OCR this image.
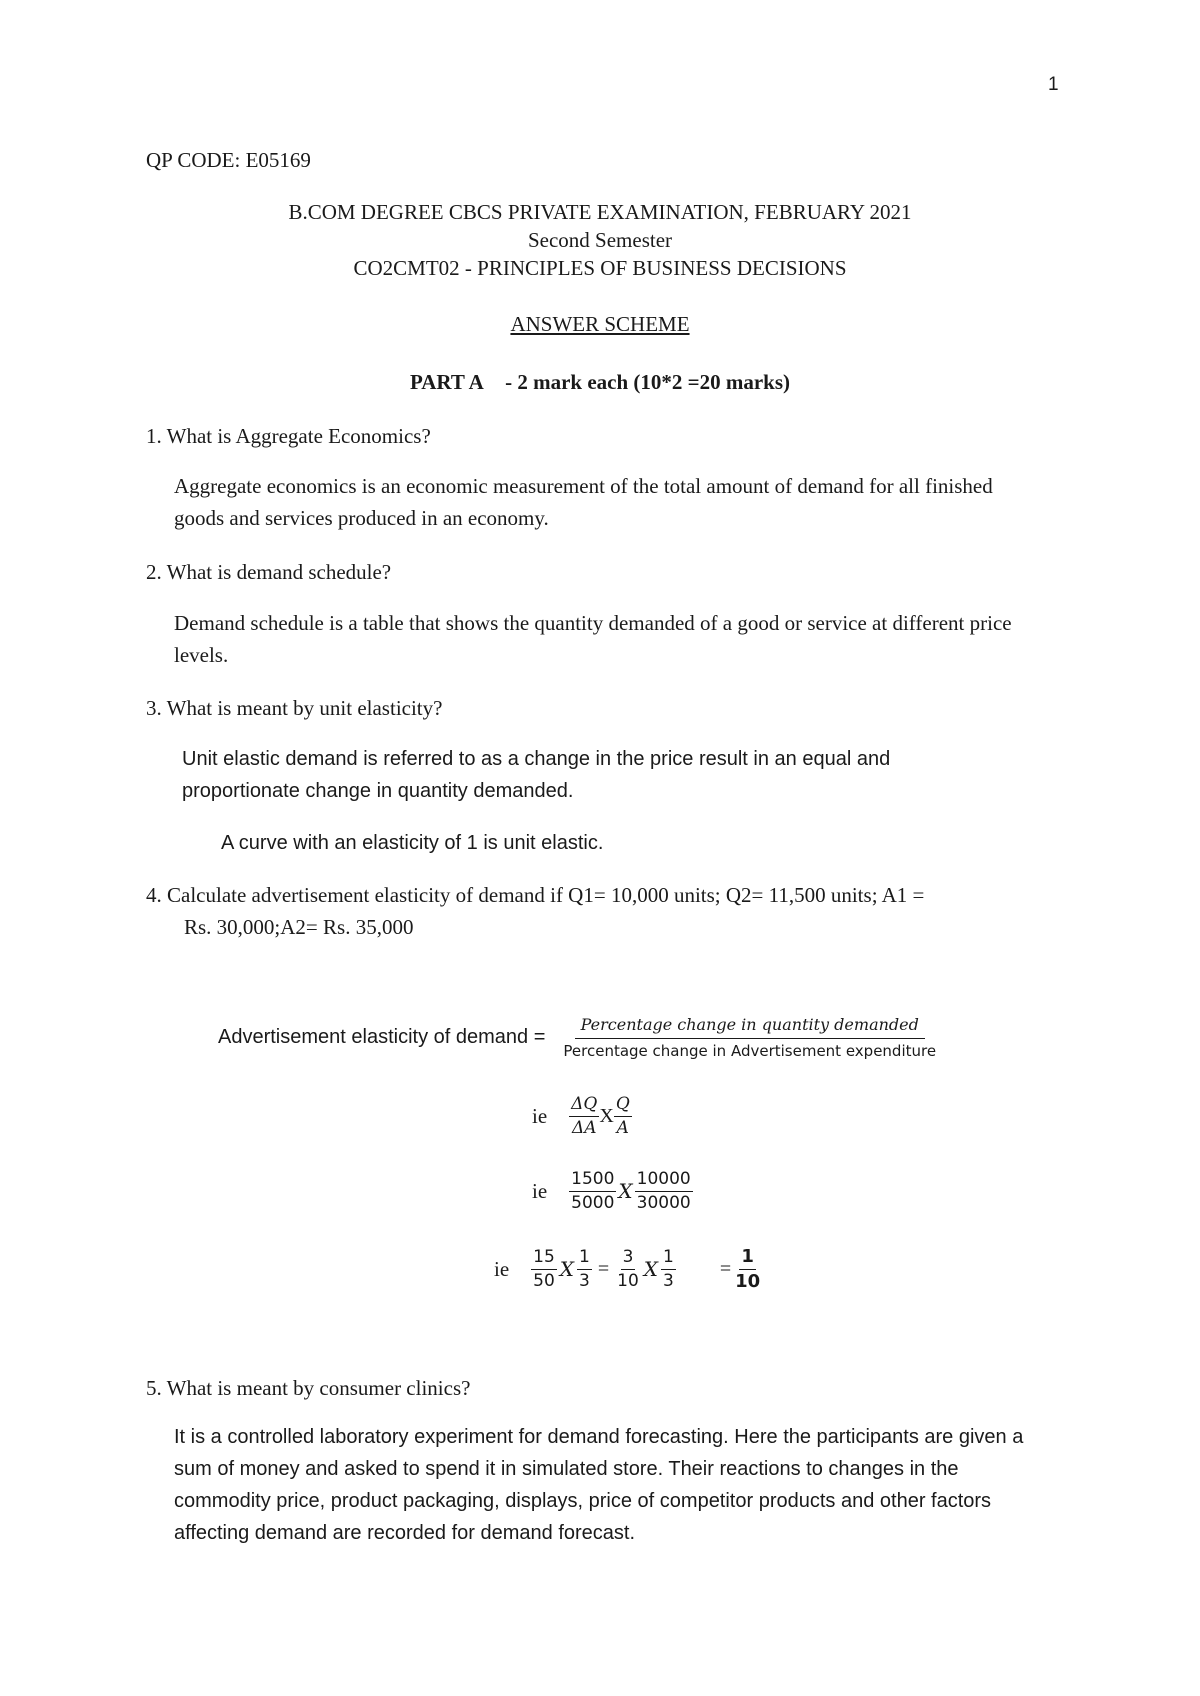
1
QP CODE: E05169
B.COM DEGREE CBCS PRIVATE EXAMINATION, FEBRUARY 2021
Second Semester
CO2CMT02 - PRINCIPLES OF BUSINESS DECISIONS
ANSWER SCHEME
PART A - 2 mark each (10*2 =20 marks)
1. What is Aggregate Economics?
Aggregate economics is an economic measurement of the total amount of demand for all finished goods and services produced in an economy.
2. What is demand schedule?
Demand schedule is a table that shows the quantity demanded of a good or service at different price levels.
3. What is meant by unit elasticity?
Unit elastic demand is referred to as a change in the price result in an equal and proportionate change in quantity demanded.
A curve with an elasticity of 1 is unit elastic.
4. Calculate advertisement elasticity of demand if Q1= 10,000 units; Q2= 11,500 units; A1 =
Rs. 30,000;A2= Rs. 35,000
Advertisement elasticity of demand = $\frac{\text{Percentage change in quantity demanded}}{\text{Percentage change in Advertisement expenditure}}$
ie $\frac{\Delta Q}{\Delta A}$ X $\frac{Q}{A}$
ie $\frac{1500}{5000}$ X $\frac{10000}{30000}$
ie $\frac{15}{50}$ X $\frac{1}{3} = \frac{3}{10}$ X $\frac{1}{3} = \frac{1}{10}$
5. What is meant by consumer clinics?
It is a controlled laboratory experiment for demand forecasting. Here the participants are given a sum of money and asked to spend it in simulated store. Their reactions to changes in the commodity price, product packaging, displays, price of competitor products and other factors affecting demand are recorded for demand forecast.
